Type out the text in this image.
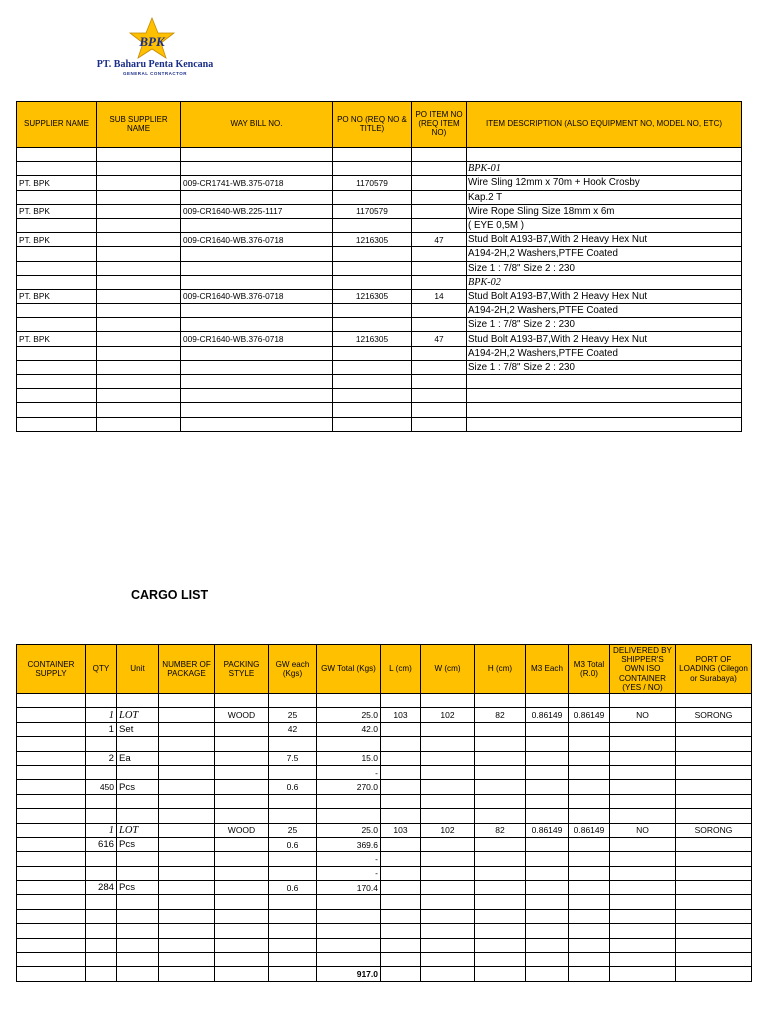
BPK
PT. Baharu Penta Kencana
GENERAL CONTRACTOR
SUPPLIER NAME	SUB SUPPLIER NAME	WAY BILL NO.	PO NO (REQ NO & TITLE)	PO ITEM NO (REQ ITEM NO)	ITEM DESCRIPTION (ALSO EQUIPMENT NO, MODEL NO, ETC)

					BPK-01
PT. BPK		009-CR1741-WB.375-0718	1170579		Wire Sling 12mm x 70m + Hook Crosby
					Kap.2 T
PT. BPK		009-CR1640-WB.225-1117	1170579		Wire Rope Sling Size 18mm x 6m
					( EYE 0,5M )
PT. BPK		009-CR1640-WB.376-0718	1216305	47	Stud Bolt A193-B7,With 2 Heavy Hex Nut
					A194-2H,2 Washers,PTFE Coated
					Size 1 : 7/8" Size 2 : 230
					BPK-02
PT. BPK		009-CR1640-WB.376-0718	1216305	14	Stud Bolt A193-B7,With 2 Heavy Hex Nut
					A194-2H,2 Washers,PTFE Coated
					Size 1 : 7/8" Size 2 : 230
PT. BPK		009-CR1640-WB.376-0718	1216305	47	Stud Bolt A193-B7,With 2 Heavy Hex Nut
					A194-2H,2 Washers,PTFE Coated
					Size 1 : 7/8" Size 2 : 230

CARGO LIST
CONTAINER SUPPLY	QTY	Unit	NUMBER OF PACKAGE	PACKING STYLE	GW each (Kgs)	GW Total (Kgs)	L (cm)	W (cm)	H (cm)	M3 Each	M3 Total (R.0)	DELIVERED BY SHIPPER'S OWN ISO CONTAINER (YES / NO)	PORT OF LOADING (Cilegon or Surabaya)

	1	LOT		WOOD	25	25.0	103	102	82	0.86149	0.86149	NO	SORONG
	1	Set			42	42.0							

	2	Ea			7.5	15.0							
						-							
	450	Pcs			0.6	270.0							

	1	LOT		WOOD	25	25.0	103	102	82	0.86149	0.86149	NO	SORONG
	616	Pcs			0.6	369.6							
						-							
						-							
	284	Pcs			0.6	170.4							

						917.0							
